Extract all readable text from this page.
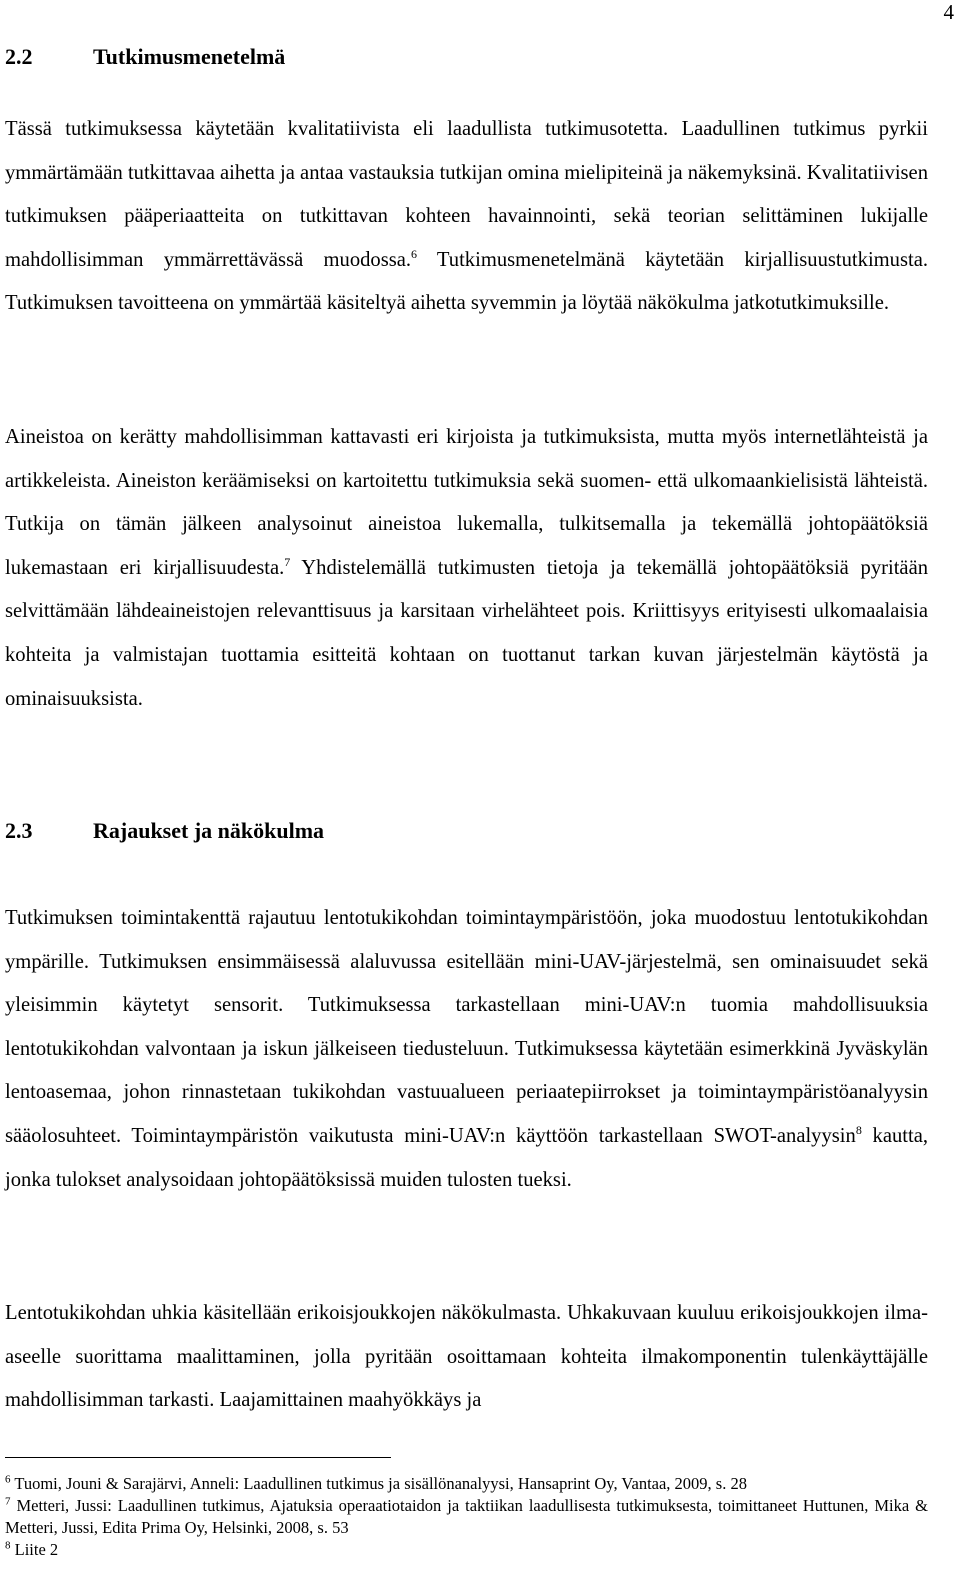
4
2.2	Tutkimusmenetelmä

Tässä tutkimuksessa käytetään kvalitatiivista eli laadullista tutkimusotetta. Laadullinen tutkimus pyrkii ymmärtämään tutkittavaa aihetta ja antaa vastauksia tutkijan omina mielipiteinä ja näkemyksinä. Kvalitatiivisen tutkimuksen pääperiaatteita on tutkittavan kohteen havainnointi, sekä teorian selittäminen lukijalle mahdollisimman ymmärrettävässä muodossa.$^6$ Tutkimusmenetelmänä käytetään kirjallisuustutkimusta. Tutkimuksen tavoitteena on ymmärtää käsiteltyä aihetta syvemmin ja löytää näkökulma jatkotutkimuksille.

Aineistoa on kerätty mahdollisimman kattavasti eri kirjoista ja tutkimuksista, mutta myös internetlähteistä ja artikkeleista. Aineiston keräämiseksi on kartoitettu tutkimuksia sekä suomen- että ulkomaankielisistä lähteistä. Tutkija on tämän jälkeen analysoinut aineistoa lukemalla, tulkitsemalla ja tekemällä johtopäätöksiä lukemastaan eri kirjallisuudesta.$^7$ Yhdistelemällä tutkimusten tietoja ja tekemällä johtopäätöksiä pyritään selvittämään lähdeaineistojen relevanttisuus ja karsitaan virhelähteet pois. Kriittisyys erityisesti ulkomaalaisia kohteita ja valmistajan tuottamia esitteitä kohtaan on tuottanut tarkan kuvan järjestelmän käytöstä ja ominaisuuksista.

2.3	Rajaukset ja näkökulma

Tutkimuksen toimintakenttä rajautuu lentotukikohdan toimintaympäristöön, joka muodostuu lentotukikohdan ympärille. Tutkimuksen ensimmäisessä alaluvussa esitellään mini-UAV-järjestelmä, sen ominaisuudet sekä yleisimmin käytetyt sensorit. Tutkimuksessa tarkastellaan mini-UAV:n tuomia mahdollisuuksia lentotukikohdan valvontaan ja iskun jälkeiseen tiedusteluun. Tutkimuksessa käytetään esimerkkinä Jyväskylän lentoasemaa, johon rinnastetaan tukikohdan vastuualueen periaatepiirrokset ja toimintaympäristöanalyysin sääolosuhteet. Toimintaympäristön vaikutusta mini-UAV:n käyttöön tarkastellaan SWOT-analyysin$^8$ kautta, jonka tulokset analysoidaan johtopäätöksissä muiden tulosten tueksi.

Lentotukikohdan uhkia käsitellään erikoisjoukkojen näkökulmasta. Uhkakuvaan kuuluu erikoisjoukkojen ilma-aseelle suorittama maalittaminen, jolla pyritään osoittamaan kohteita ilmakomponentin tulenkäyttäjälle mahdollisimman tarkasti. Laajamittainen maahyökkäys ja

$^6$ Tuomi, Jouni & Sarajärvi, Anneli: Laadullinen tutkimus ja sisällönanalyysi, Hansaprint Oy, Vantaa, 2009, s. 28

$^7$ Metteri, Jussi: Laadullinen tutkimus, Ajatuksia operaatiotaidon ja taktiikan laadullisesta tutkimuksesta, toimittaneet Huttunen, Mika & Metteri, Jussi, Edita Prima Oy, Helsinki, 2008, s. 53

$^8$ Liite 2
